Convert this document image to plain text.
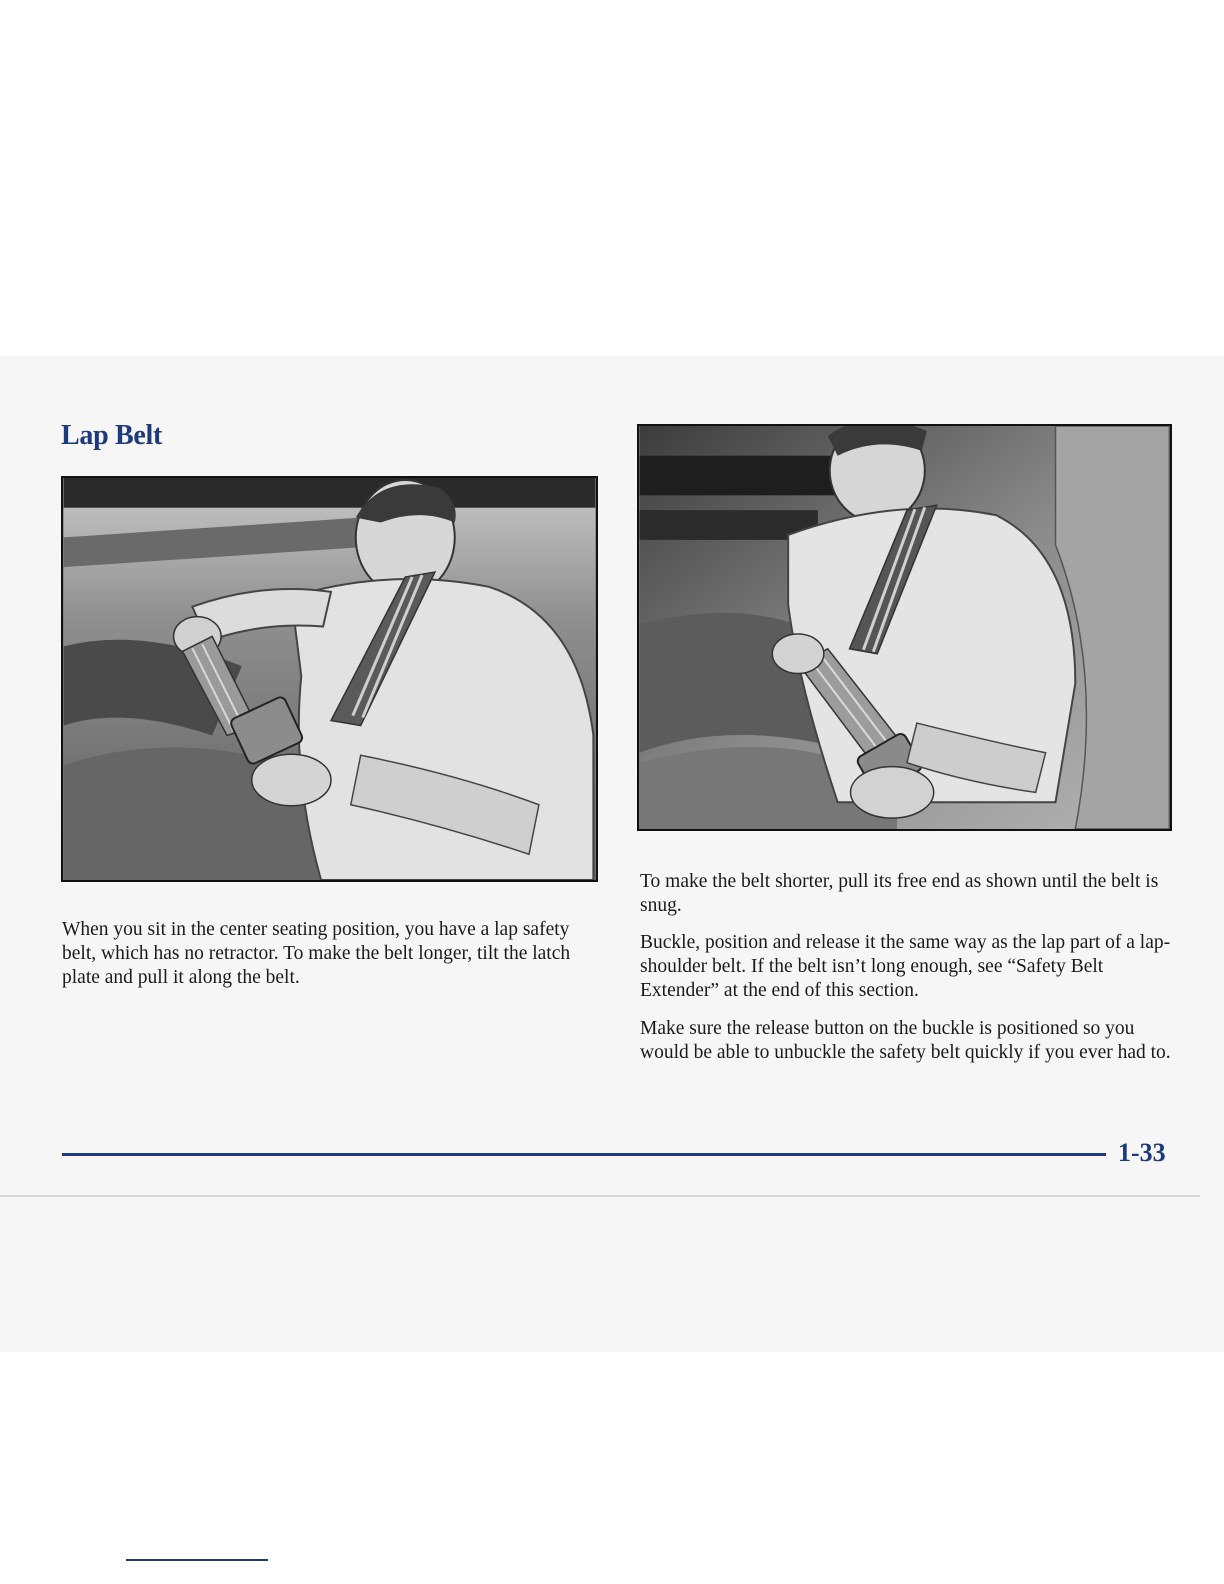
Lap Belt

When you sit in the center seating position, you have a lap safety belt, which has no retractor. To make the belt longer, tilt the latch plate and pull it along the belt.

To make the belt shorter, pull its free end as shown until the belt is snug.

Buckle, position and release it the same way as the lap part of a lap-shoulder belt. If the belt isn’t long enough, see “Safety Belt Extender” at the end of this section.

Make sure the release button on the buckle is positioned so you would be able to unbuckle the safety belt quickly if you ever had to.

1-33
